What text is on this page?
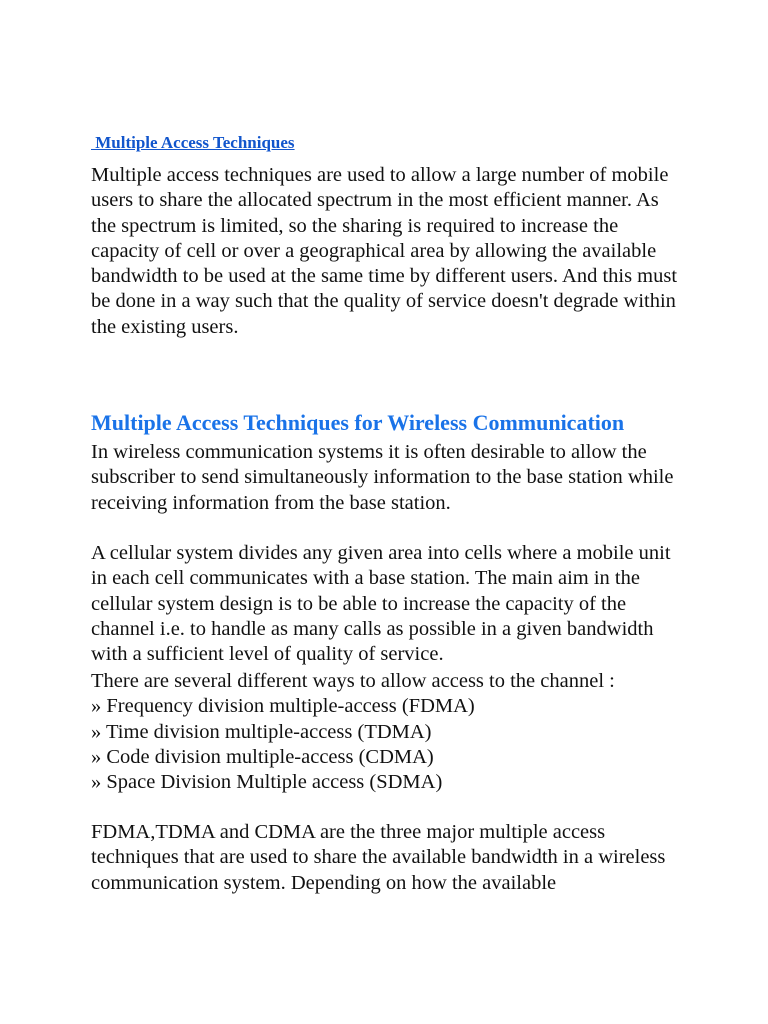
Multiple Access Techniques

Multiple access techniques are used to allow a large number of mobile users to share the allocated spectrum in the most efficient manner. As the spectrum is limited, so the sharing is required to increase the capacity of cell or over a geographical area by allowing the available bandwidth to be used at the same time by different users. And this must be done in a way such that the quality of service doesn't degrade within the existing users.

Multiple Access Techniques for Wireless Communication

In wireless communication systems it is often desirable to allow the subscriber to send simultaneously information to the base station while receiving information from the base station.

A cellular system divides any given area into cells where a mobile unit in each cell communicates with a base station. The main aim in the cellular system design is to be able to increase the capacity of the channel i.e. to handle as many calls as possible in a given bandwidth with a sufficient level of quality of service.

There are several different ways to allow access to the channel :
» Frequency division multiple-access (FDMA)
» Time division multiple-access (TDMA)
» Code division multiple-access (CDMA)
» Space Division Multiple access (SDMA)

FDMA,TDMA and CDMA are the three major multiple access techniques that are used to share the available bandwidth in a wireless communication system. Depending on how the available
